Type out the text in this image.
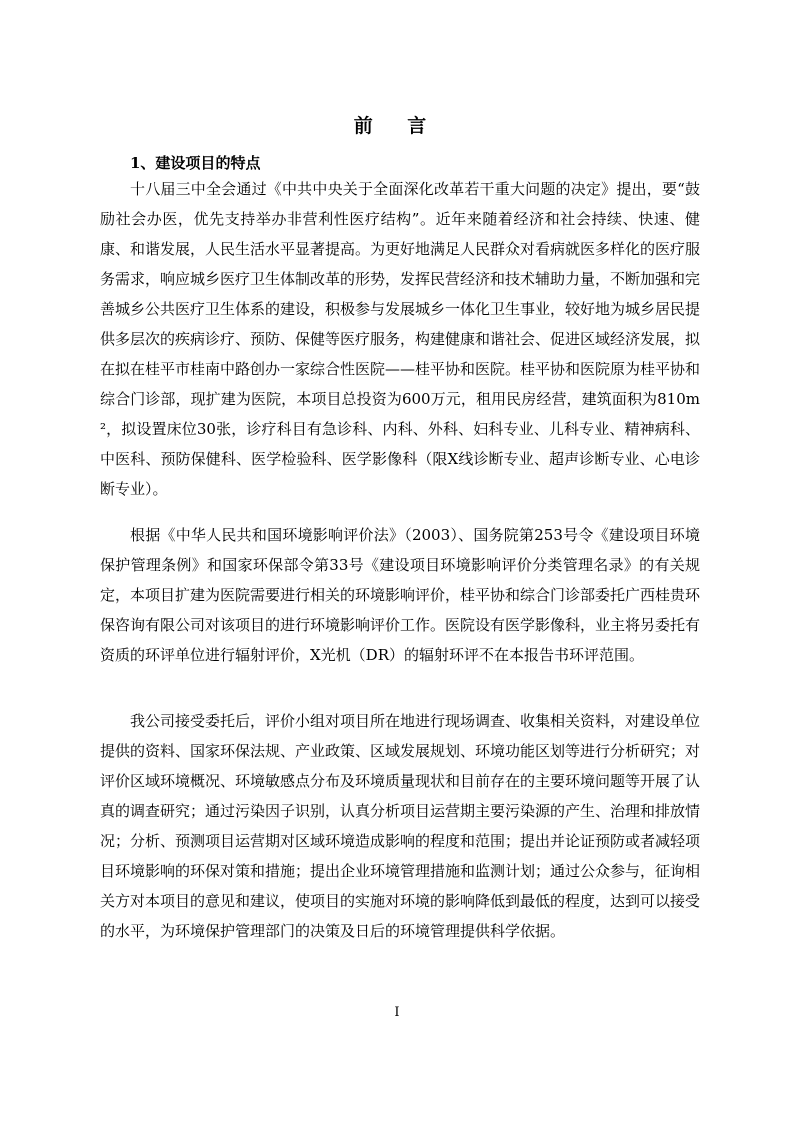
前 言
1、建设项目的特点

十八届三中全会通过《中共中央关于全面深化改革若干重大问题的决定》提出，要“鼓励社会办医，优先支持举办非营利性医疗结构”。近年来随着经济和社会持续、快速、健康、和谐发展，人民生活水平显著提高。为更好地满足人民群众对看病就医多样化的医疗服务需求，响应城乡医疗卫生体制改革的形势，发挥民营经济和技术辅助力量，不断加强和完善城乡公共医疗卫生体系的建设，积极参与发展城乡一体化卫生事业，较好地为城乡居民提供多层次的疾病诊疗、预防、保健等医疗服务，构建健康和谐社会、促进区域经济发展，拟在拟在桂平市桂南中路创办一家综合性医院——桂平协和医院。桂平协和医院原为桂平协和综合门诊部，现扩建为医院，本项目总投资为600万元，租用民房经营，建筑面积为810m²，拟设置床位30张，诊疗科目有急诊科、内科、外科、妇科专业、儿科专业、精神病科、中医科、预防保健科、医学检验科、医学影像科（限X线诊断专业、超声诊断专业、心电诊断专业）。

根据《中华人民共和国环境影响评价法》（2003）、国务院第253号令《建设项目环境保护管理条例》和国家环保部令第33号《建设项目环境影响评价分类管理名录》的有关规定，本项目扩建为医院需要进行相关的环境影响评价，桂平协和综合门诊部委托广西桂贵环保咨询有限公司对该项目的进行环境影响评价工作。医院设有医学影像科，业主将另委托有资质的环评单位进行辐射评价，X光机（DR）的辐射环评不在本报告书环评范围。

我公司接受委托后，评价小组对项目所在地进行现场调查、收集相关资料，对建设单位提供的资料、国家环保法规、产业政策、区域发展规划、环境功能区划等进行分析研究；对评价区域环境概况、环境敏感点分布及环境质量现状和目前存在的主要环境问题等开展了认真的调查研究；通过污染因子识别，认真分析项目运营期主要污染源的产生、治理和排放情况；分析、预测项目运营期对区域环境造成影响的程度和范围；提出并论证预防或者减轻项目环境影响的环保对策和措施；提出企业环境管理措施和监测计划；通过公众参与，征询相关方对本项目的意见和建议，使项目的实施对环境的影响降低到最低的程度，达到可以接受的水平，为环境保护管理部门的决策及日后的环境管理提供科学依据。

I
